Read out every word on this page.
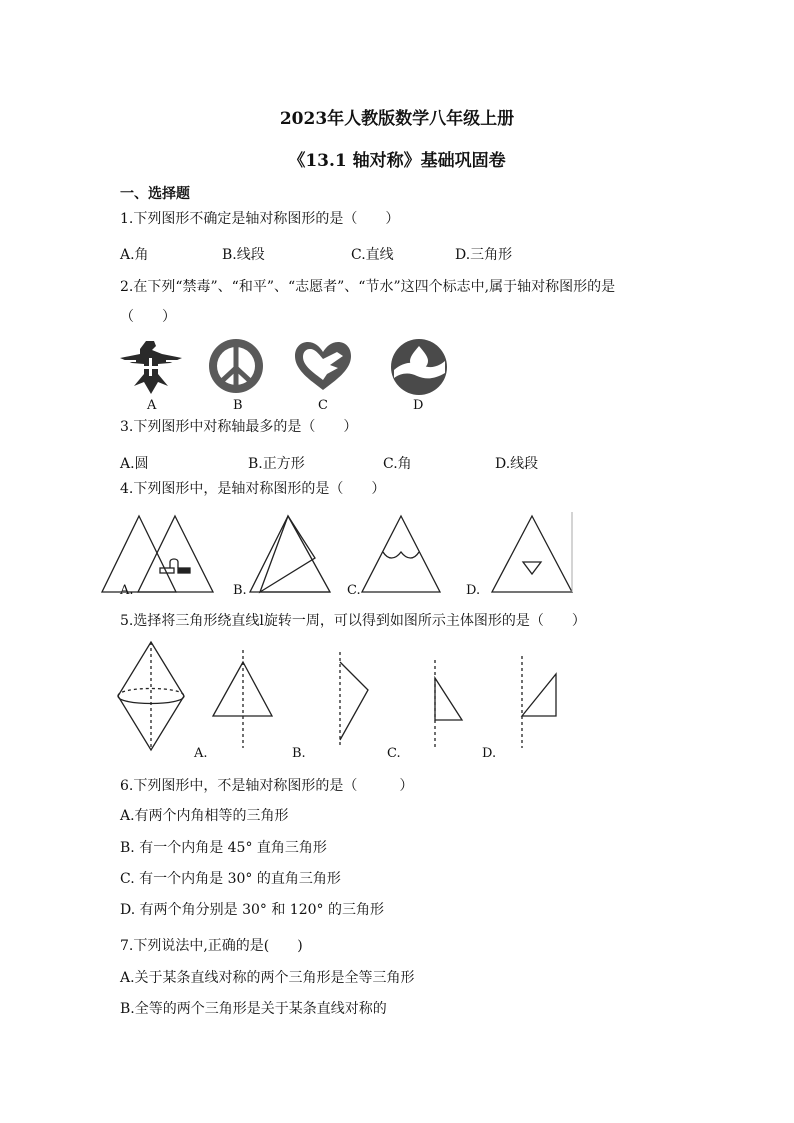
2023年人教版数学八年级上册
《13.1 轴对称》基础巩固卷
一、选择题
1.下列图形不确定是轴对称图形的是（　　）
A.角	B.线段	C.直线	D.三角形
2.在下列“禁毒”、“和平”、“志愿者”、“节水”这四个标志中,属于轴对称图形的是
（　　）
A	B	C	D
3.下列图形中对称轴最多的是（　　）
A.圆	B.正方形	C.角	D.线段
4.下列图形中，是轴对称图形的是（　　）
A.	B.	C.	D.
5.选择将三角形绕直线l旋转一周，可以得到如图所示主体图形的是（　　）
A.	B.	C.	D.
6.下列图形中，不是轴对称图形的是（　　　）
A.有两个内角相等的三角形
B. 有一个内角是 45° 直角三角形
C. 有一个内角是 30° 的直角三角形
D. 有两个角分别是 30° 和 120° 的三角形
7.下列说法中,正确的是(　　)
A.关于某条直线对称的两个三角形是全等三角形
B.全等的两个三角形是关于某条直线对称的
